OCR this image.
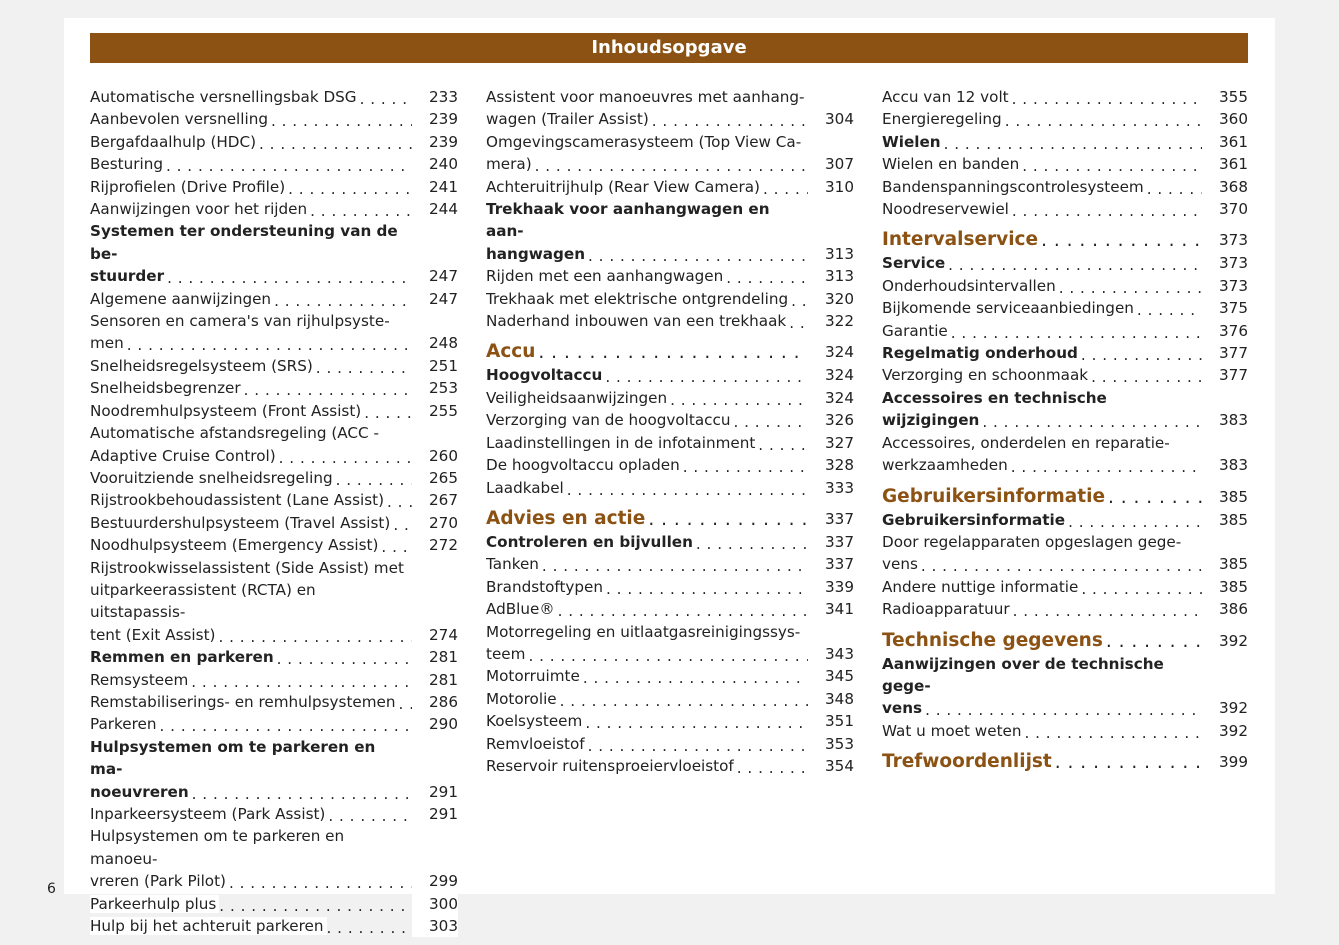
Inhoudsopgave
Automatische versnellingsbak DSG . . .	233
Aanbevolen versnelling . . .	239
Bergafdaalhulp (HDC) . . .	239
Besturing . . .	240
Rijprofielen (Drive Profile) . . .	241
Aanwijzingen voor het rijden . . .	244
Systemen ter ondersteuning van de be-
stuurder . . .	247
Algemene aanwijzingen . . .	247
Sensoren en camera's van rijhulpsyste-
men . . .	248
Snelheidsregelsysteem (SRS) . . .	251
Snelheidsbegrenzer . . .	253
Noodremhulpsysteem (Front Assist) . . .	255
Automatische afstandsregeling (ACC -
Adaptive Cruise Control) . . .	260
Vooruitziende snelheidsregeling . . .	265
Rijstrookbehoudassistent (Lane Assist) . . .	267
Bestuurdershulpsysteem (Travel Assist) . . .	270
Noodhulpsysteem (Emergency Assist) . . .	272
Rijstrookwisselassistent (Side Assist) met
uitparkeerassistent (RCTA) en uitstapassis-
tent (Exit Assist) . . .	274
Remmen en parkeren . . .	281
Remsysteem . . .	281
Remstabiliserings- en remhulpsystemen . . .	286
Parkeren . . .	290
Hulpsystemen om te parkeren en ma-
noeuvreren . . .	291
Inparkeersysteem (Park Assist) . . .	291
Hulpsystemen om te parkeren en manoeu-
vreren (Park Pilot) . . .	299
Parkeerhulp plus . . .	300
Hulp bij het achteruit parkeren . . .	303
Assistent voor manoeuvres met aanhang-
wagen (Trailer Assist) . . .	304
Omgevingscamerasysteem (Top View Ca-
mera) . . .	307
Achteruitrijhulp (Rear View Camera) . . .	310
Trekhaak voor aanhangwagen en aan-
hangwagen . . .	313
Rijden met een aanhangwagen . . .	313
Trekhaak met elektrische ontgrendeling . . .	320
Naderhand inbouwen van een trekhaak . . .	322
Accu . . .	324
Hoogvoltaccu . . .	324
Veiligheidsaanwijzingen . . .	324
Verzorging van de hoogvoltaccu . . .	326
Laadinstellingen in de infotainment . . .	327
De hoogvoltaccu opladen . . .	328
Laadkabel . . .	333
Advies en actie . . .	337
Controleren en bijvullen . . .	337
Tanken . . .	337
Brandstoftypen . . .	339
AdBlue® . . .	341
Motorregeling en uitlaatgasreinigingssys-
teem . . .	343
Motorruimte . . .	345
Motorolie . . .	348
Koelsysteem . . .	351
Remvloeistof . . .	353
Reservoir ruitensproeiervloeistof . . .	354
Accu van 12 volt . . .	355
Energieregeling . . .	360
Wielen . . .	361
Wielen en banden . . .	361
Bandenspanningscontrolesysteem . . .	368
Noodreservewiel . . .	370
Intervalservice . . .	373
Service . . .	373
Onderhoudsintervallen . . .	373
Bijkomende serviceaanbiedingen . . .	375
Garantie . . .	376
Regelmatig onderhoud . . .	377
Verzorging en schoonmaak . . .	377
Accessoires en technische wijzigingen . . .	383
Accessoires, onderdelen en reparatie-
werkzaamheden . . .	383
Gebruikersinformatie . . .	385
Gebruikersinformatie . . .	385
Door regelapparaten opgeslagen gege-
vens . . .	385
Andere nuttige informatie . . .	385
Radioapparatuur . . .	386
Technische gegevens . . .	392
Aanwijzingen over de technische gege-
vens . . .	392
Wat u moet weten . . .	392
Trefwoordenlijst . . .	399
6
